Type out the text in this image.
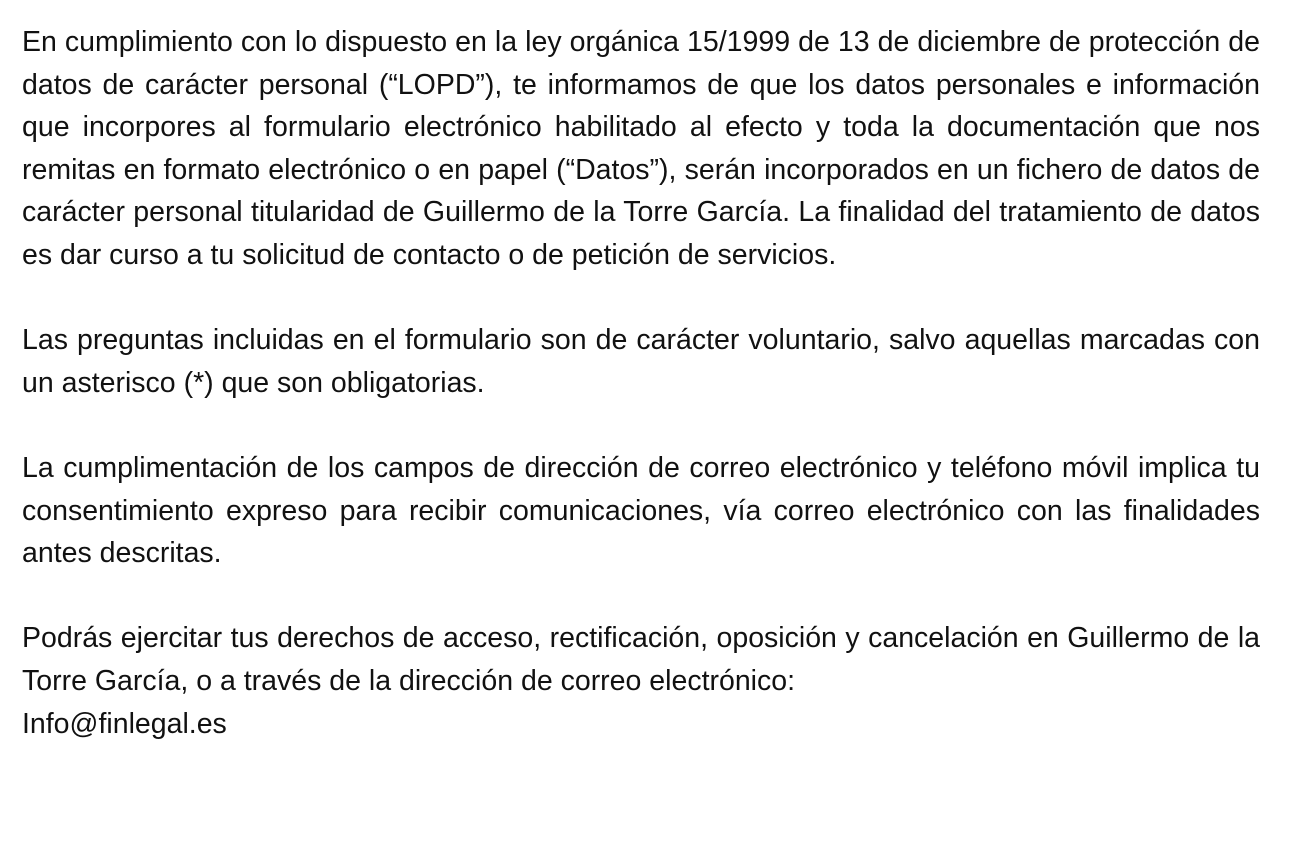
En cumplimiento con lo dispuesto en la ley orgánica 15/1999 de 13 de diciembre de protección de datos de carácter personal (“LOPD”), te informamos de que los datos personales e información que incorpores al formulario electrónico habilitado al efecto y toda la documentación que nos remitas en formato electrónico o en papel (“Datos”), serán incorporados en un fichero de datos de carácter personal titularidad de Guillermo de la Torre García. La finalidad del tratamiento de datos es dar curso a tu solicitud de contacto o de petición de servicios.

Las preguntas incluidas en el formulario son de carácter voluntario, salvo aquellas marcadas con un asterisco (*) que son obligatorias.

La cumplimentación de los campos de dirección de correo electrónico y teléfono móvil implica tu consentimiento expreso para recibir comunicaciones, vía correo electrónico con las finalidades antes descritas.

Podrás ejercitar tus derechos de acceso, rectificación, oposición y cancelación en Guillermo de la Torre García, o a través de la dirección de correo electrónico:
Info@finlegal.es
